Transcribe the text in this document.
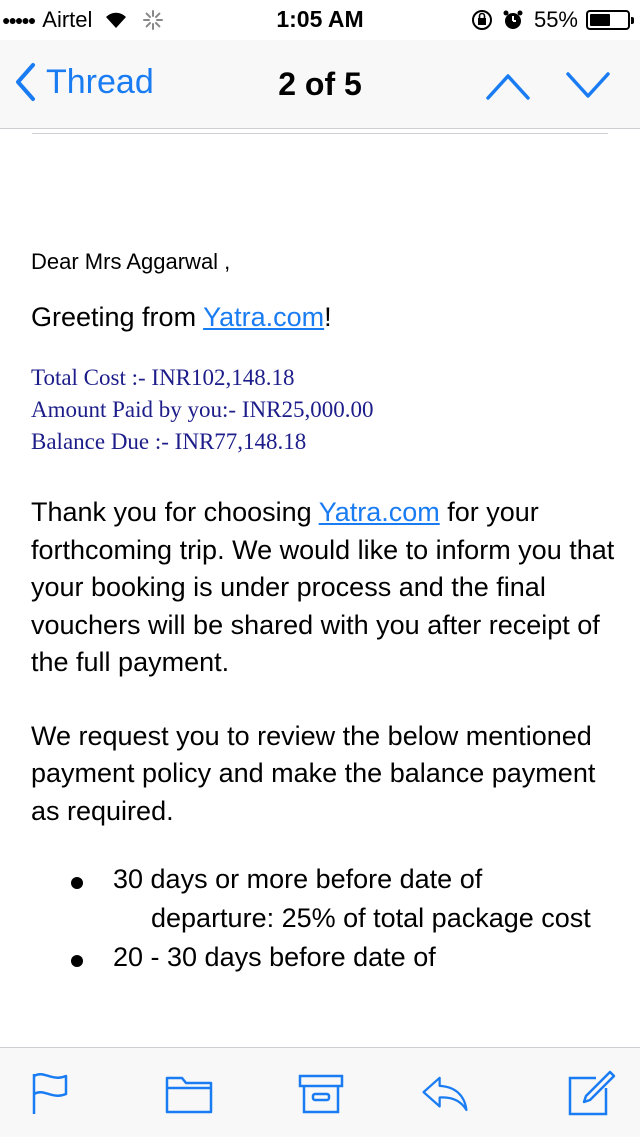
●●●●● Airtel	1:05 AM	55%
Thread	2 of 5

Dear Mrs Aggarwal ,

Greeting from Yatra.com!

Total Cost :- INR102,148.18
Amount Paid by you:- INR25,000.00
Balance Due :- INR77,148.18

Thank you for choosing Yatra.com for your forthcoming trip. We would like to inform you that your booking is under process and the final vouchers will be shared with you after receipt of the full payment.

We request you to review the below mentioned payment policy and make the balance payment as required.

30 days or more before date of
departure: 25% of total package cost
20 - 30 days before date of
